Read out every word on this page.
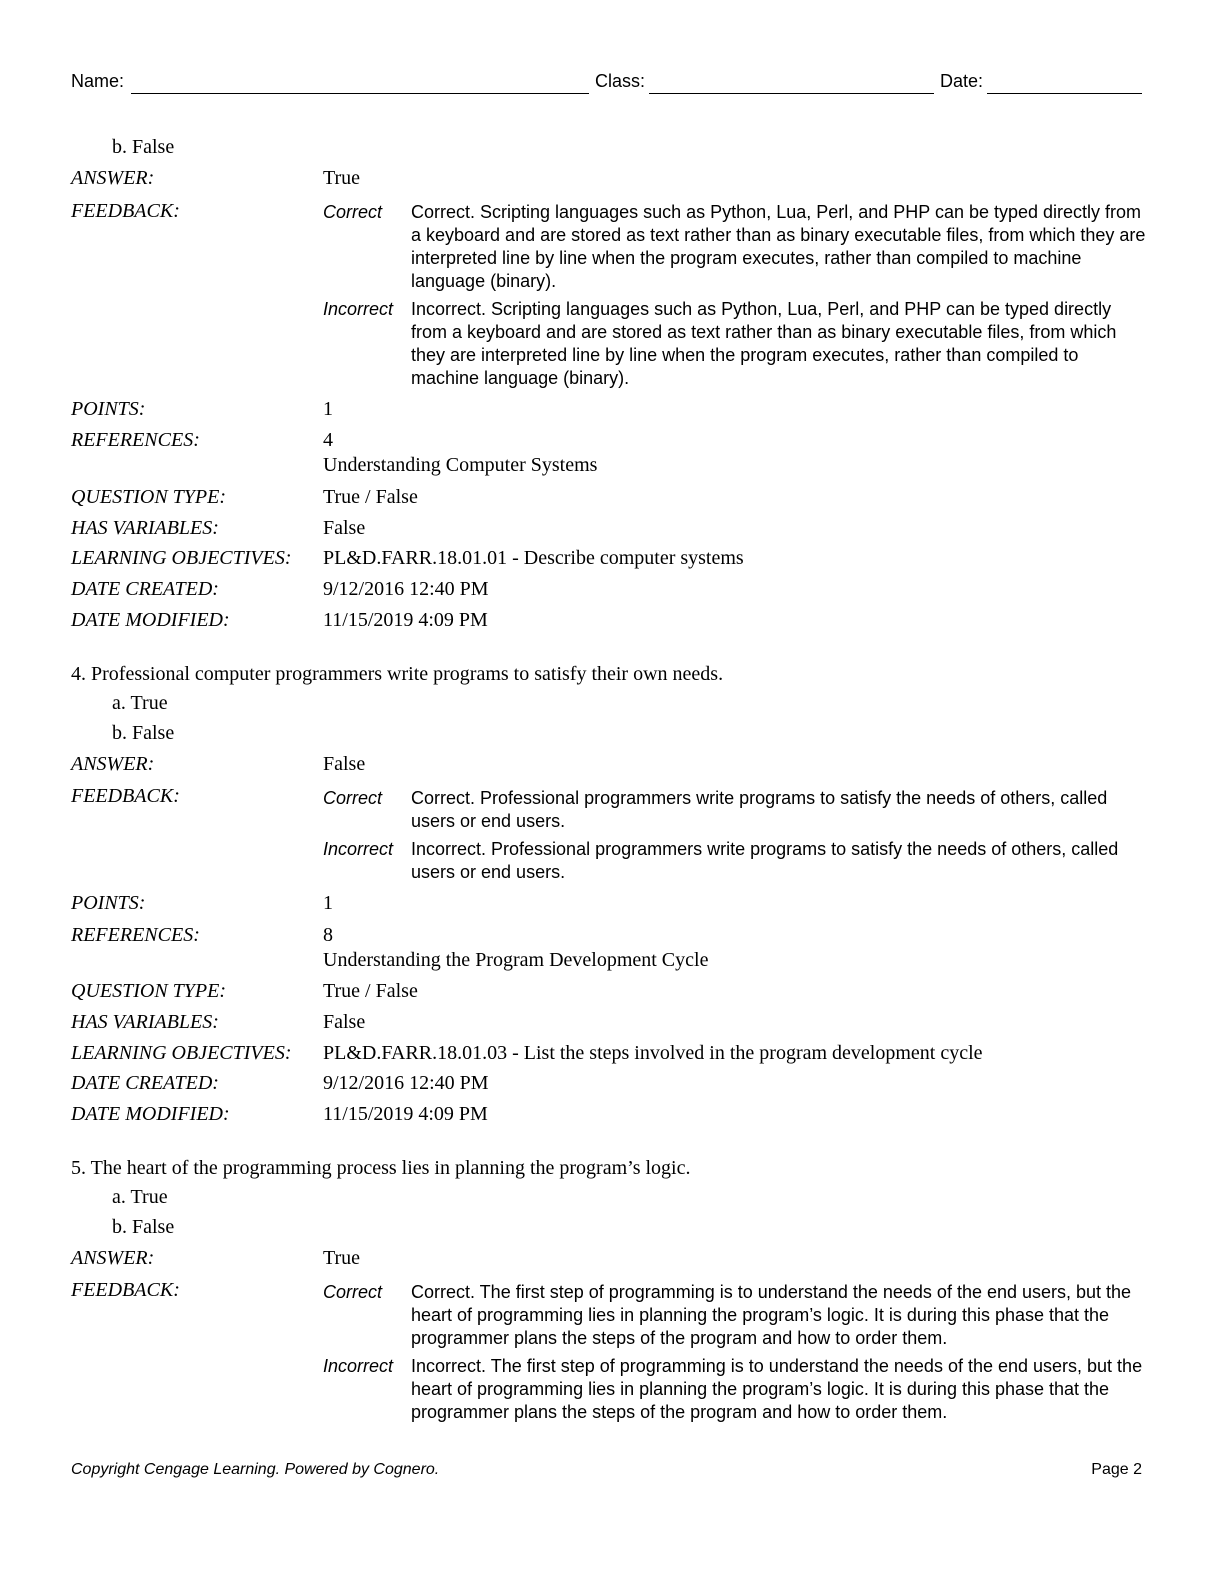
Name:	Class:	Date:
b. False
ANSWER:	True
FEEDBACK:	Correct Correct. Scripting languages such as Python, Lua, Perl, and PHP can be typed directly from a keyboard and are stored as text rather than as binary executable files, from which they are interpreted line by line when the program executes, rather than compiled to machine language (binary).
Incorrect Incorrect. Scripting languages such as Python, Lua, Perl, and PHP can be typed directly from a keyboard and are stored as text rather than as binary executable files, from which they are interpreted line by line when the program executes, rather than compiled to machine language (binary).
POINTS:	1
REFERENCES:	4
Understanding Computer Systems
QUESTION TYPE:	True / False
HAS VARIABLES:	False
LEARNING OBJECTIVES: PL&D.FARR.18.01.01 - Describe computer systems
DATE CREATED:	9/12/2016 12:40 PM
DATE MODIFIED:	11/15/2019 4:09 PM
4. Professional computer programmers write programs to satisfy their own needs.
a. True
b. False
ANSWER:	False
FEEDBACK:	Correct Correct. Professional programmers write programs to satisfy the needs of others, called users or end users.
Incorrect Incorrect. Professional programmers write programs to satisfy the needs of others, called users or end users.
POINTS:	1
REFERENCES:	8
Understanding the Program Development Cycle
QUESTION TYPE:	True / False
HAS VARIABLES:	False
LEARNING OBJECTIVES: PL&D.FARR.18.01.03 - List the steps involved in the program development cycle
DATE CREATED:	9/12/2016 12:40 PM
DATE MODIFIED:	11/15/2019 4:09 PM
5. The heart of the programming process lies in planning the program’s logic.
a. True
b. False
ANSWER:	True
FEEDBACK:	Correct Correct. The first step of programming is to understand the needs of the end users, but the heart of programming lies in planning the program’s logic. It is during this phase that the programmer plans the steps of the program and how to order them.
Incorrect Incorrect. The first step of programming is to understand the needs of the end users, but the heart of programming lies in planning the program’s logic. It is during this phase that the programmer plans the steps of the program and how to order them.
Copyright Cengage Learning. Powered by Cognero.	Page 2
